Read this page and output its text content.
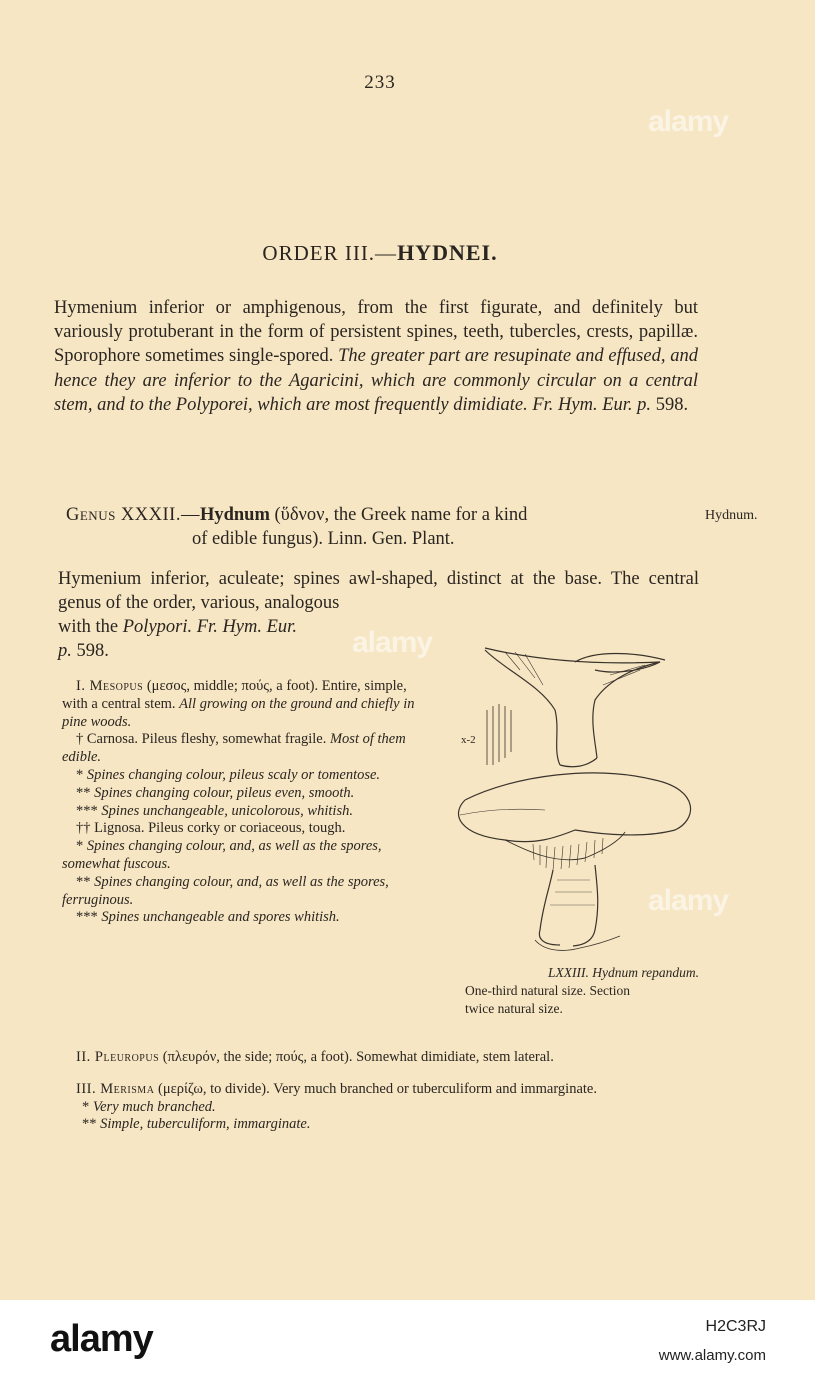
233
ORDER III.—HYDNEI.
Hymenium inferior or amphigenous, from the first figurate, and definitely but variously protuberant in the form of persistent spines, teeth, tubercles, crests, papillæ. Sporophore sometimes single-spored. The greater part are resupinate and effused, and hence they are inferior to the Agaricini, which are commonly circular on a central stem, and to the Polyporei, which are most frequently dimidiate. Fr. Hym. Eur. p. 598.
Genus XXXII.—Hydnum (ὕδνον, the Greek name for a kind
of edible fungus). Linn. Gen. Plant.
Hydnum.
Hymenium inferior, aculeate; spines awl-shaped, distinct at the base. The central genus of the order, various, analogous
with the Polypori. Fr. Hym. Eur.
p. 598.

I. Mesopus (μεσος, middle; πούς, a foot). Entire, simple, with a central stem. All growing on the ground and chiefly in pine woods.

† Carnosa. Pileus fleshy, somewhat fragile. Most of them edible.

* Spines changing colour, pileus scaly or tomentose.

** Spines changing colour, pileus even, smooth.

*** Spines unchangeable, unicolorous, whitish.

†† Lignosa. Pileus corky or coriaceous, tough.

* Spines changing colour, and, as well as the spores, somewhat fuscous.

** Spines changing colour, and, as well as the spores, ferruginous.

*** Spines unchangeable and spores whitish.

x-2
LXXIII. Hydnum repandum.
One-third natural size. Section
twice natural size.

II. Pleuropus (πλευρόν, the side; πούς, a foot). Somewhat dimidiate, stem lateral.

III. Merisma (μερίζω, to divide). Very much branched or tuberculiform and immarginate.

* Very much branched.

** Simple, tuberculiform, immarginate.

alamy
alamy
alamy
alamy	H2C3RJ
www.alamy.com
